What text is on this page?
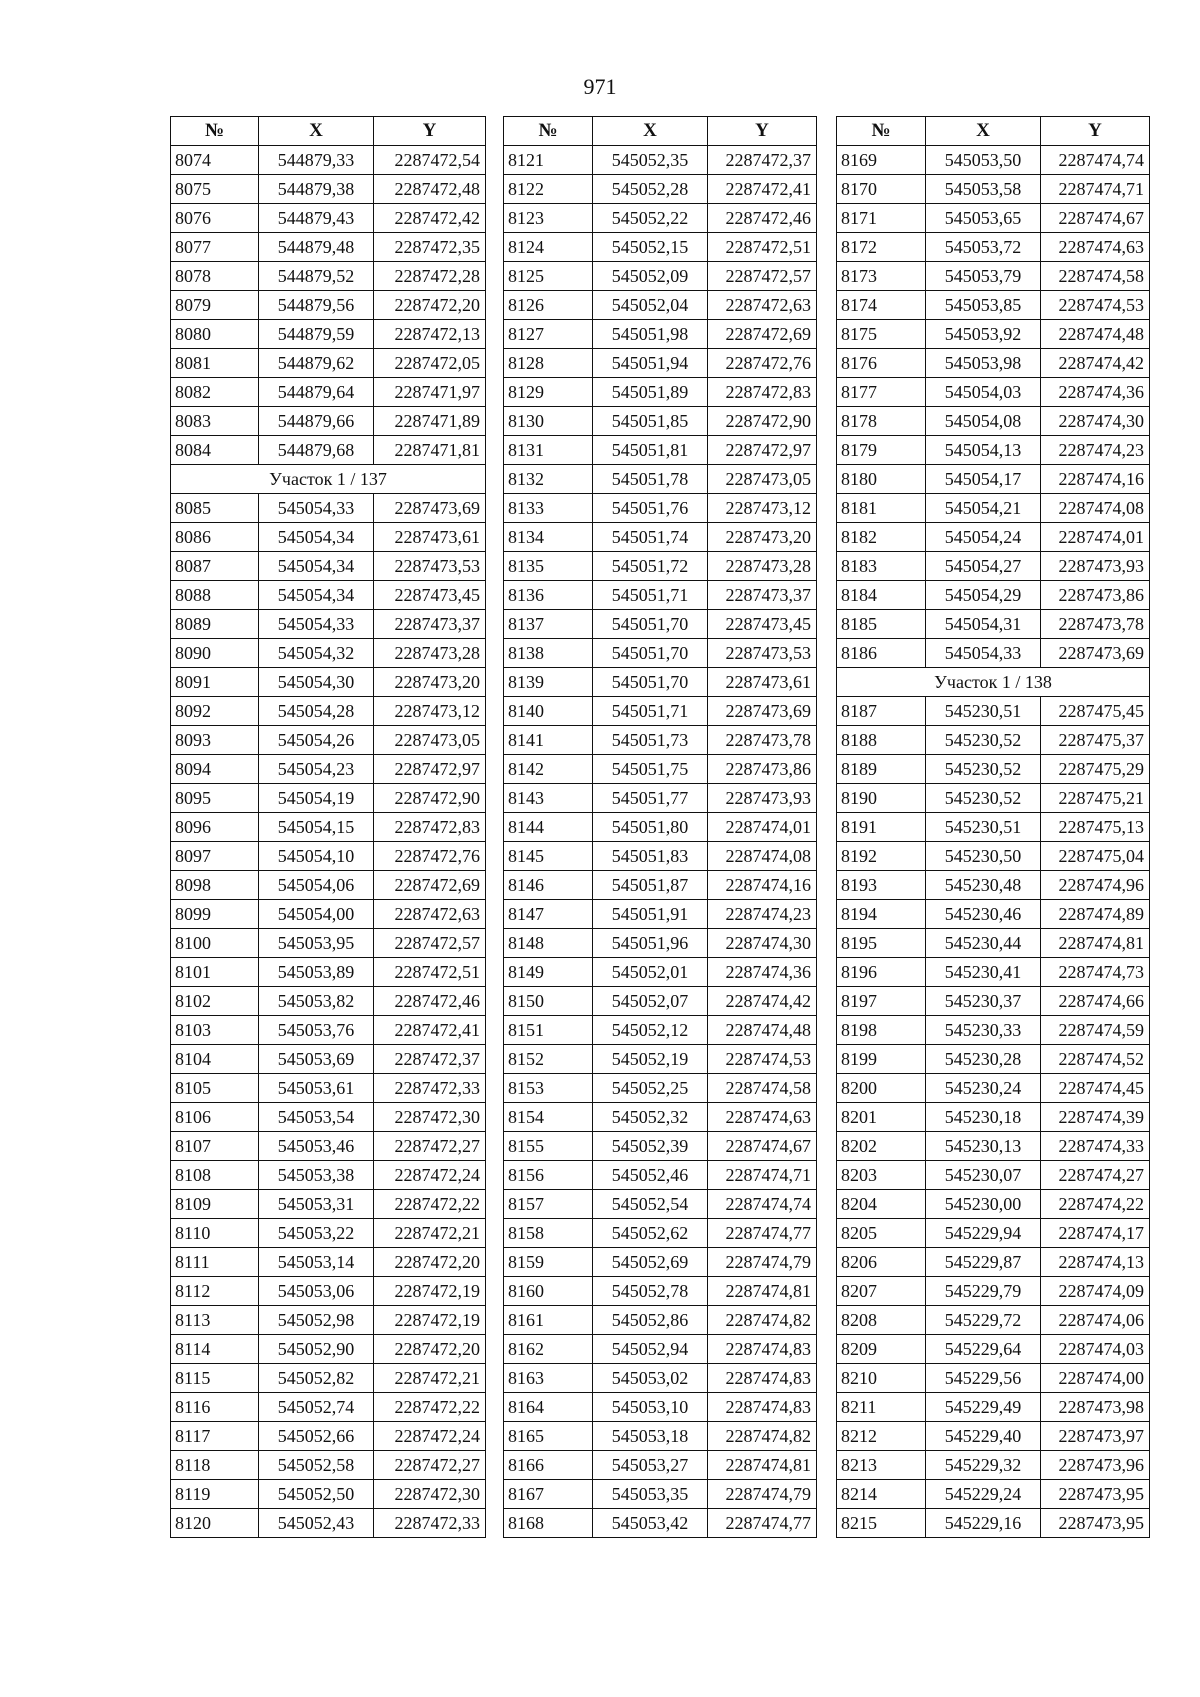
971
№	X	Y
8074	544879,33	2287472,54
8075	544879,38	2287472,48
8076	544879,43	2287472,42
8077	544879,48	2287472,35
8078	544879,52	2287472,28
8079	544879,56	2287472,20
8080	544879,59	2287472,13
8081	544879,62	2287472,05
8082	544879,64	2287471,97
8083	544879,66	2287471,89
8084	544879,68	2287471,81
Участок 1 / 137		
8085	545054,33	2287473,69
8086	545054,34	2287473,61
8087	545054,34	2287473,53
8088	545054,34	2287473,45
8089	545054,33	2287473,37
8090	545054,32	2287473,28
8091	545054,30	2287473,20
8092	545054,28	2287473,12
8093	545054,26	2287473,05
8094	545054,23	2287472,97
8095	545054,19	2287472,90
8096	545054,15	2287472,83
8097	545054,10	2287472,76
8098	545054,06	2287472,69
8099	545054,00	2287472,63
8100	545053,95	2287472,57
8101	545053,89	2287472,51
8102	545053,82	2287472,46
8103	545053,76	2287472,41
8104	545053,69	2287472,37
8105	545053,61	2287472,33
8106	545053,54	2287472,30
8107	545053,46	2287472,27
8108	545053,38	2287472,24
8109	545053,31	2287472,22
8110	545053,22	2287472,21
8111	545053,14	2287472,20
8112	545053,06	2287472,19
8113	545052,98	2287472,19
8114	545052,90	2287472,20
8115	545052,82	2287472,21
8116	545052,74	2287472,22
8117	545052,66	2287472,24
8118	545052,58	2287472,27
8119	545052,50	2287472,30
8120	545052,43	2287472,33
№	X	Y
8121	545052,35	2287472,37
8122	545052,28	2287472,41
8123	545052,22	2287472,46
8124	545052,15	2287472,51
8125	545052,09	2287472,57
8126	545052,04	2287472,63
8127	545051,98	2287472,69
8128	545051,94	2287472,76
8129	545051,89	2287472,83
8130	545051,85	2287472,90
8131	545051,81	2287472,97
8132	545051,78	2287473,05
8133	545051,76	2287473,12
8134	545051,74	2287473,20
8135	545051,72	2287473,28
8136	545051,71	2287473,37
8137	545051,70	2287473,45
8138	545051,70	2287473,53
8139	545051,70	2287473,61
8140	545051,71	2287473,69
8141	545051,73	2287473,78
8142	545051,75	2287473,86
8143	545051,77	2287473,93
8144	545051,80	2287474,01
8145	545051,83	2287474,08
8146	545051,87	2287474,16
8147	545051,91	2287474,23
8148	545051,96	2287474,30
8149	545052,01	2287474,36
8150	545052,07	2287474,42
8151	545052,12	2287474,48
8152	545052,19	2287474,53
8153	545052,25	2287474,58
8154	545052,32	2287474,63
8155	545052,39	2287474,67
8156	545052,46	2287474,71
8157	545052,54	2287474,74
8158	545052,62	2287474,77
8159	545052,69	2287474,79
8160	545052,78	2287474,81
8161	545052,86	2287474,82
8162	545052,94	2287474,83
8163	545053,02	2287474,83
8164	545053,10	2287474,83
8165	545053,18	2287474,82
8166	545053,27	2287474,81
8167	545053,35	2287474,79
8168	545053,42	2287474,77
№	X	Y
8169	545053,50	2287474,74
8170	545053,58	2287474,71
8171	545053,65	2287474,67
8172	545053,72	2287474,63
8173	545053,79	2287474,58
8174	545053,85	2287474,53
8175	545053,92	2287474,48
8176	545053,98	2287474,42
8177	545054,03	2287474,36
8178	545054,08	2287474,30
8179	545054,13	2287474,23
8180	545054,17	2287474,16
8181	545054,21	2287474,08
8182	545054,24	2287474,01
8183	545054,27	2287473,93
8184	545054,29	2287473,86
8185	545054,31	2287473,78
8186	545054,33	2287473,69
Участок 1 / 138		
8187	545230,51	2287475,45
8188	545230,52	2287475,37
8189	545230,52	2287475,29
8190	545230,52	2287475,21
8191	545230,51	2287475,13
8192	545230,50	2287475,04
8193	545230,48	2287474,96
8194	545230,46	2287474,89
8195	545230,44	2287474,81
8196	545230,41	2287474,73
8197	545230,37	2287474,66
8198	545230,33	2287474,59
8199	545230,28	2287474,52
8200	545230,24	2287474,45
8201	545230,18	2287474,39
8202	545230,13	2287474,33
8203	545230,07	2287474,27
8204	545230,00	2287474,22
8205	545229,94	2287474,17
8206	545229,87	2287474,13
8207	545229,79	2287474,09
8208	545229,72	2287474,06
8209	545229,64	2287474,03
8210	545229,56	2287474,00
8211	545229,49	2287473,98
8212	545229,40	2287473,97
8213	545229,32	2287473,96
8214	545229,24	2287473,95
8215	545229,16	2287473,95
